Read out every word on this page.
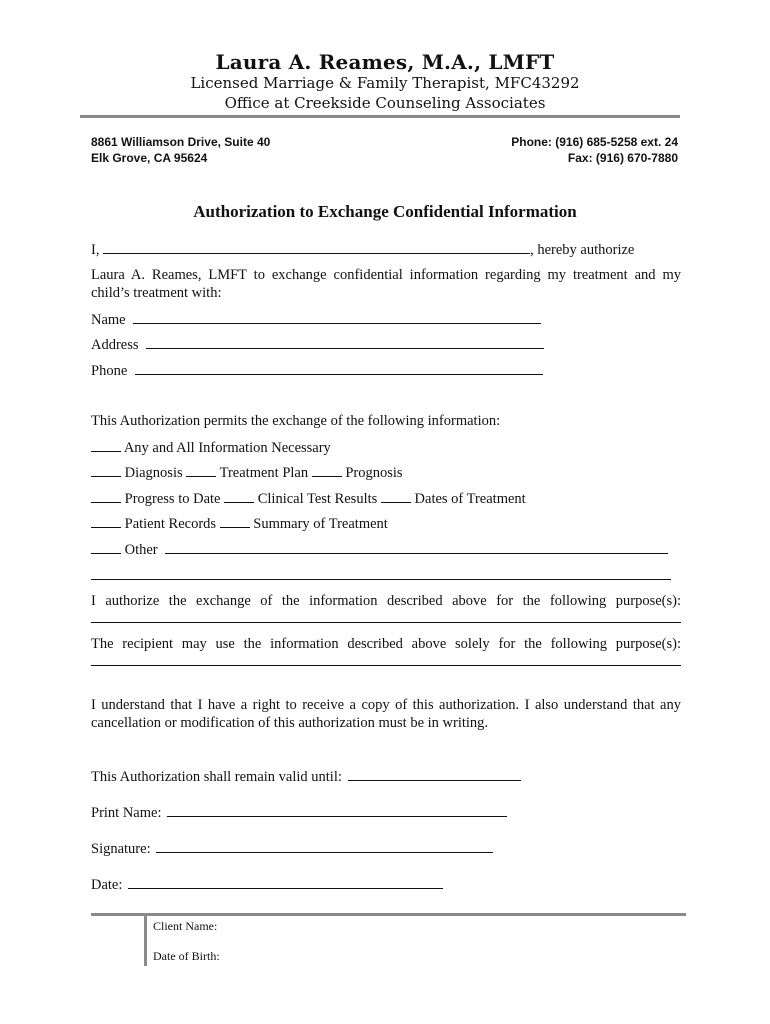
Laura A. Reames, M.A., LMFT
Licensed Marriage & Family Therapist, MFC43292
Office at Creekside Counseling Associates
8861 Williamson Drive, Suite 40
Elk Grove, CA 95624
Phone: (916) 685-5258 ext. 24
Fax: (916) 670-7880
Authorization to Exchange Confidential Information
I,	, hereby authorize
Laura A. Reames, LMFT to exchange confidential information regarding my treatment and my child’s treatment with:
Name
Address
Phone
This Authorization permits the exchange of the following information:
Any and All Information Necessary
Diagnosis	Treatment Plan	Prognosis
Progress to Date	Clinical Test Results	Dates of Treatment
Patient Records	Summary of Treatment
Other
I authorize the exchange of the information described above for the following purpose(s):
The recipient may use the information described above solely for the following purpose(s):
I understand that I have a right to receive a copy of this authorization. I also understand that any cancellation or modification of this authorization must be in writing.
This Authorization shall remain valid until:
Print Name:
Signature:
Date:
Client Name:
Date of Birth:
